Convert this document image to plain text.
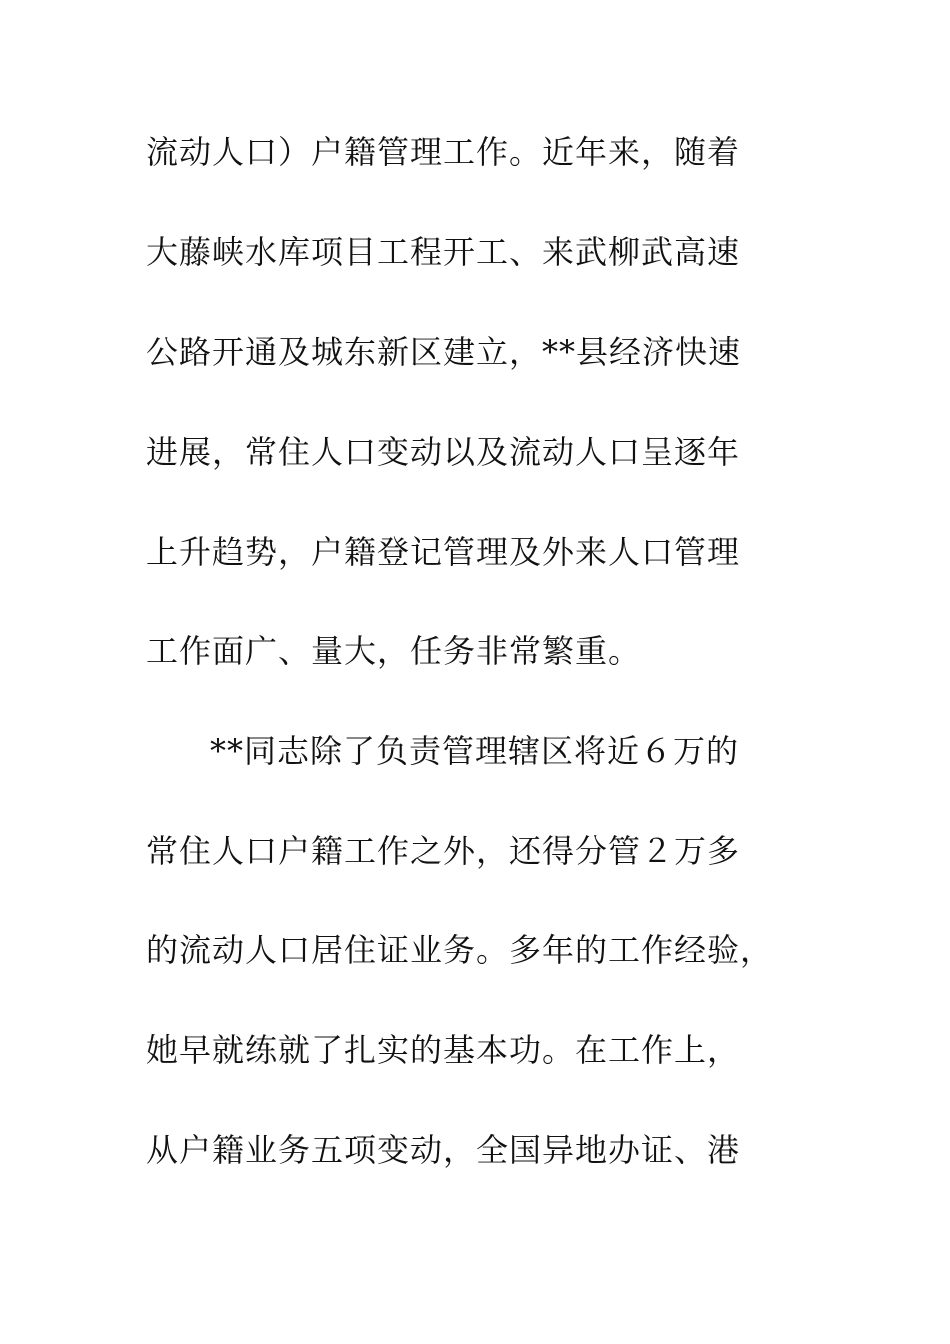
流动人口）户籍管理工作。近年来，随着
大藤峡水库项目工程开工、来武柳武高速
公路开通及城东新区建立，**县经济快速
进展，常住人口变动以及流动人口呈逐年
上升趋势，户籍登记管理及外来人口管理
工作面广、量大，任务非常繁重。
**同志除了负责管理辖区将近６万的
常住人口户籍工作之外，还得分管２万多
的流动人口居住证业务。多年的工作经验，
她早就练就了扎实的基本功。在工作上，
从户籍业务五项变动，全国异地办证、港
